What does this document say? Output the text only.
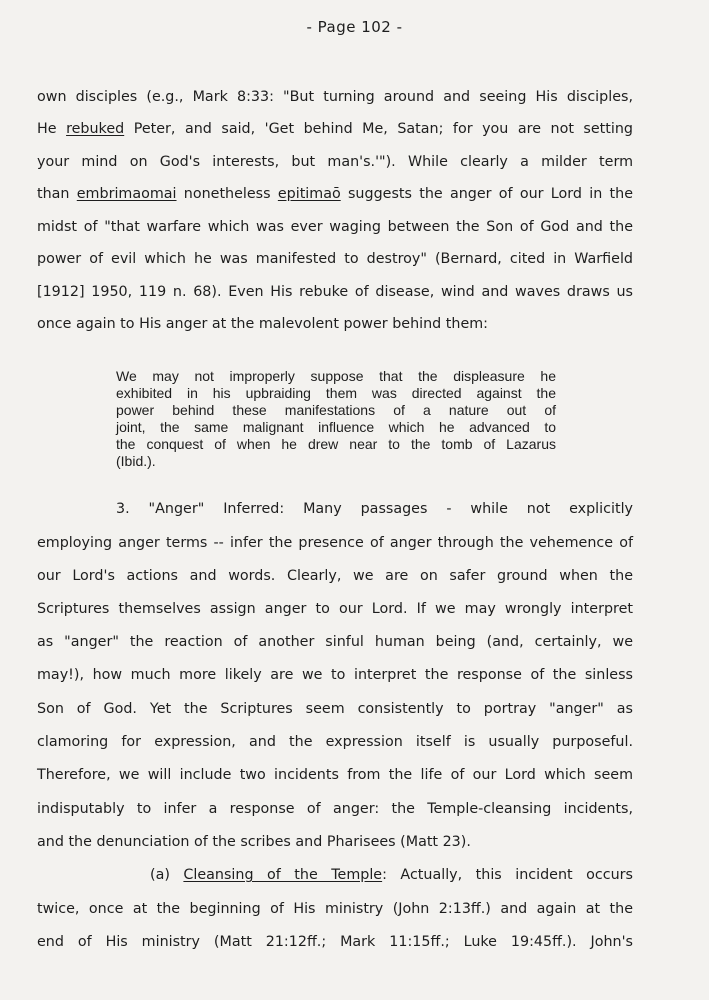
- Page 102 -
own disciples (e.g., Mark 8:33: "But turning around and seeing His disciples,
He rebuked Peter, and said, 'Get behind Me, Satan; for you are not setting
your mind on God's interests, but man's.'"). While clearly a milder term
than embrimaomai nonetheless epitimaō suggests the anger of our Lord in the
midst of "that warfare which was ever waging between the Son of God and the
power of evil which he was manifested to destroy" (Bernard, cited in Warfield
[1912] 1950, 119 n. 68). Even His rebuke of disease, wind and waves draws us
once again to His anger at the malevolent power behind them:
We may not improperly suppose that the displeasure he
exhibited in his upbraiding them was directed against the
power behind these manifestations of a nature out of
joint, the same malignant influence which he advanced to
the conquest of when he drew near to the tomb of Lazarus
(Ibid.).
3. "Anger" Inferred: Many passages - while not explicitly
employing anger terms -- infer the presence of anger through the vehemence of
our Lord's actions and words. Clearly, we are on safer ground when the
Scriptures themselves assign anger to our Lord. If we may wrongly interpret
as "anger" the reaction of another sinful human being (and, certainly, we
may!), how much more likely are we to interpret the response of the sinless
Son of God. Yet the Scriptures seem consistently to portray "anger" as
clamoring for expression, and the expression itself is usually purposeful.
Therefore, we will include two incidents from the life of our Lord which seem
indisputably to infer a response of anger: the Temple-cleansing incidents,
and the denunciation of the scribes and Pharisees (Matt 23).
(a) Cleansing of the Temple: Actually, this incident occurs
twice, once at the beginning of His ministry (John 2:13ff.) and again at the
end of His ministry (Matt 21:12ff.; Mark 11:15ff.; Luke 19:45ff.). John's
